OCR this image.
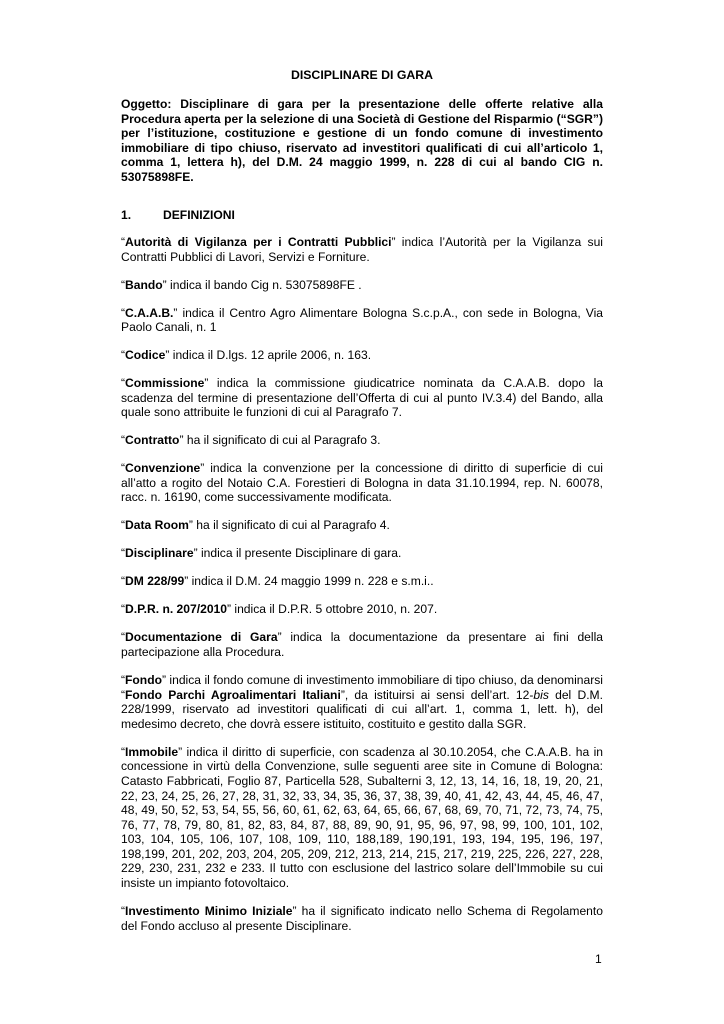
DISCIPLINARE DI GARA
Oggetto: Disciplinare di gara per la presentazione delle offerte relative alla Procedura aperta per la selezione di una Società di Gestione del Risparmio (“SGR”) per l’istituzione, costituzione e gestione di un fondo comune di investimento immobiliare di tipo chiuso, riservato ad investitori qualificati di cui all’articolo 1, comma 1, lettera h), del D.M. 24 maggio 1999, n. 228 di cui al bando CIG n. 53075898FE.
1.	DEFINIZIONI

“Autorità di Vigilanza per i Contratti Pubblici” indica l’Autorità per la Vigilanza sui Contratti Pubblici di Lavori, Servizi e Forniture.

“Bando” indica il bando Cig n. 53075898FE .

“C.A.A.B.” indica il Centro Agro Alimentare Bologna S.c.p.A., con sede in Bologna, Via Paolo Canali, n. 1

“Codice” indica il D.lgs. 12 aprile 2006, n. 163.

“Commissione” indica la commissione giudicatrice nominata da C.A.A.B. dopo la scadenza del termine di presentazione dell’Offerta di cui al punto IV.3.4) del Bando, alla quale sono attribuite le funzioni di cui al Paragrafo 7.

“Contratto” ha il significato di cui al Paragrafo 3.

“Convenzione” indica la convenzione per la concessione di diritto di superficie di cui all’atto a rogito del Notaio C.A. Forestieri di Bologna in data 31.10.1994, rep. N. 60078, racc. n. 16190, come successivamente modificata.

“Data Room” ha il significato di cui al Paragrafo 4.

“Disciplinare” indica il presente Disciplinare di gara.

“DM 228/99” indica il D.M. 24 maggio 1999 n. 228 e s.m.i..

“D.P.R. n. 207/2010” indica il D.P.R. 5 ottobre 2010, n. 207.

“Documentazione di Gara” indica la documentazione da presentare ai fini della partecipazione alla Procedura.

“Fondo” indica il fondo comune di investimento immobiliare di tipo chiuso, da denominarsi “Fondo Parchi Agroalimentari Italiani”, da istituirsi ai sensi dell’art. 12-bis del D.M. 228/1999, riservato ad investitori qualificati di cui all’art. 1, comma 1, lett. h), del medesimo decreto, che dovrà essere istituito, costituito e gestito dalla SGR.

“Immobile” indica il diritto di superficie, con scadenza al 30.10.2054, che C.A.A.B. ha in concessione in virtù della Convenzione, sulle seguenti aree site in Comune di Bologna: Catasto Fabbricati, Foglio 87, Particella 528, Subalterni 3, 12, 13, 14, 16, 18, 19, 20, 21, 22, 23, 24, 25, 26, 27, 28, 31, 32, 33, 34, 35, 36, 37, 38, 39, 40, 41, 42, 43, 44, 45, 46, 47, 48, 49, 50, 52, 53, 54, 55, 56, 60, 61, 62, 63, 64, 65, 66, 67, 68, 69, 70, 71, 72, 73, 74, 75, 76, 77, 78, 79, 80, 81, 82, 83, 84, 87, 88, 89, 90, 91, 95, 96, 97, 98, 99, 100, 101, 102, 103, 104, 105, 106, 107, 108, 109, 110, 188,189, 190,191, 193, 194, 195, 196, 197, 198,199, 201, 202, 203, 204, 205, 209, 212, 213, 214, 215, 217, 219, 225, 226, 227, 228, 229, 230, 231, 232 e 233. Il tutto con esclusione del lastrico solare dell’Immobile su cui insiste un impianto fotovoltaico.

“Investimento Minimo Iniziale” ha il significato indicato nello Schema di Regolamento del Fondo accluso al presente Disciplinare.

1
